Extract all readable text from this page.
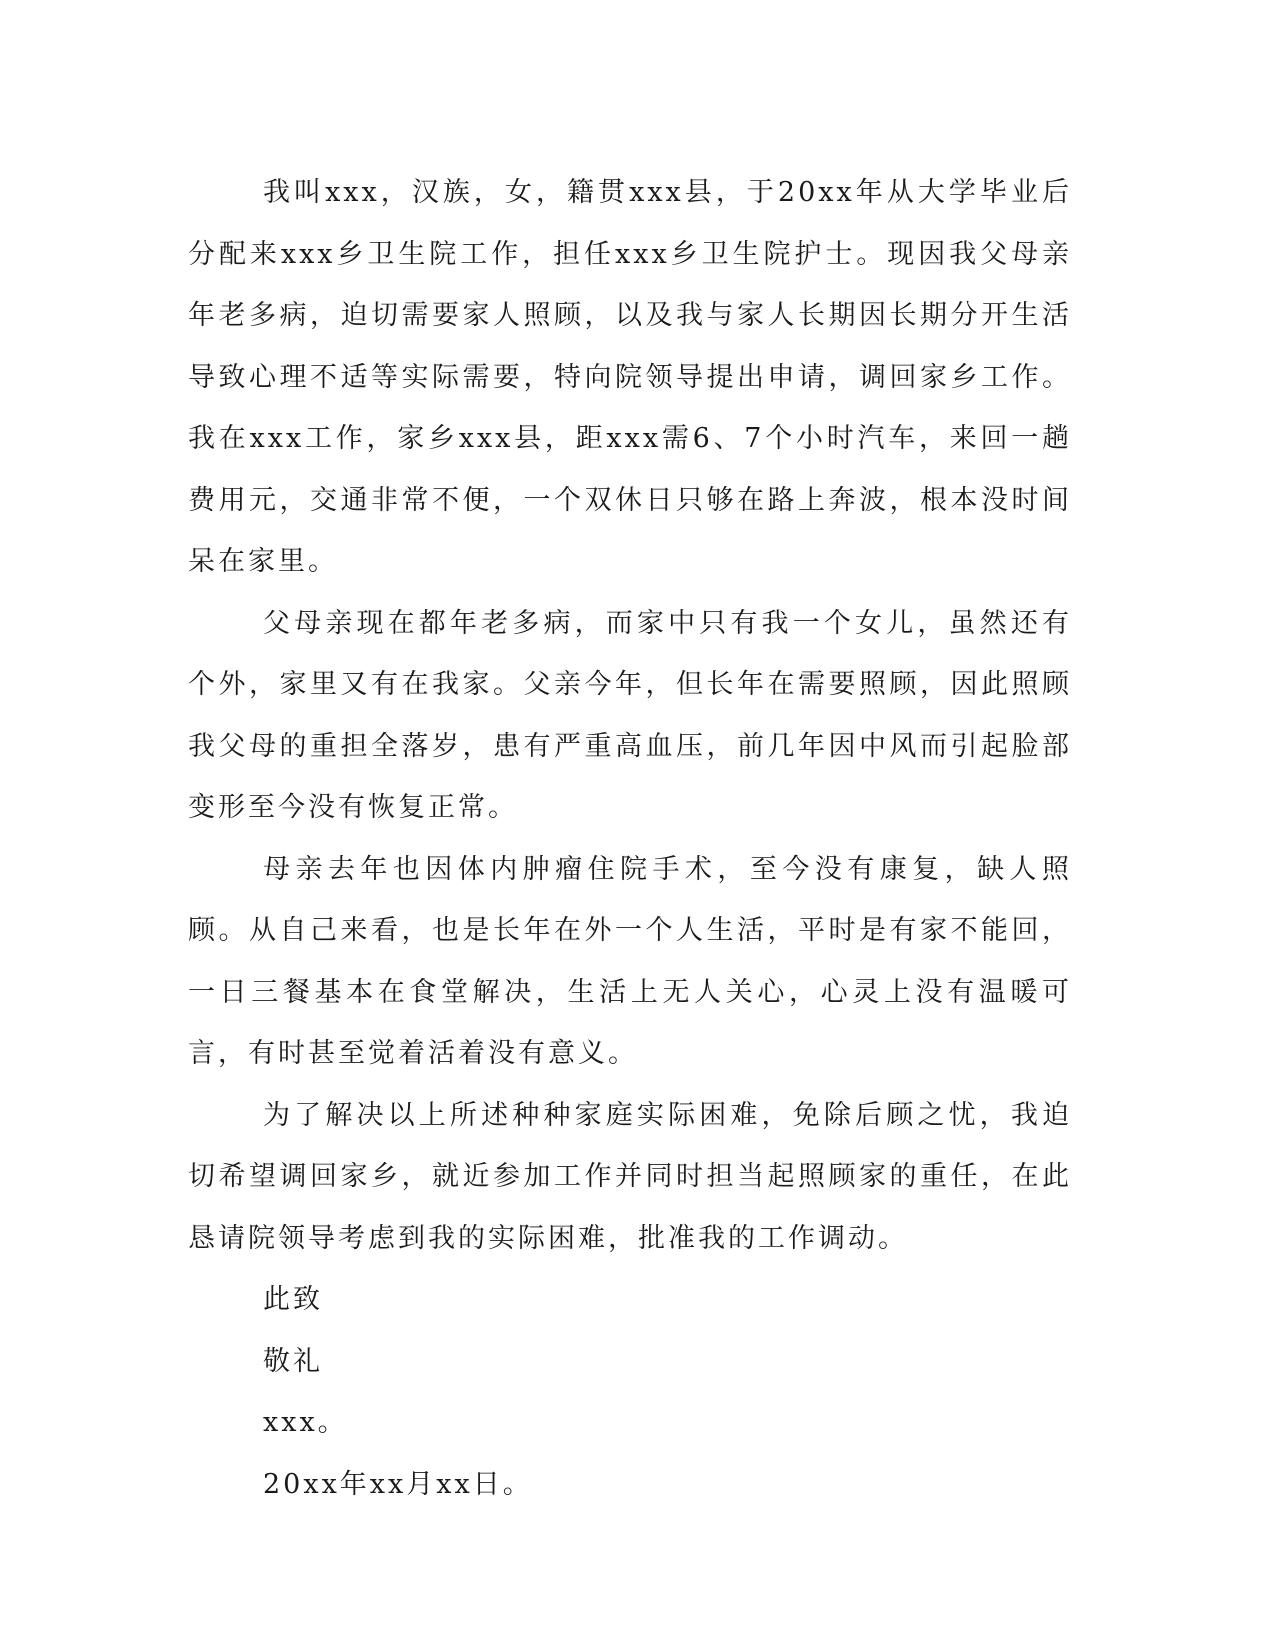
我叫xxx，汉族，女，籍贯xxx县，于20xx年从大学毕业后分配来xxx乡卫生院工作，担任xxx乡卫生院护士。现因我父母亲年老多病，迫切需要家人照顾，以及我与家人长期因长期分开生活导致心理不适等实际需要，特向院领导提出申请，调回家乡工作。我在xxx工作，家乡xxx县，距xxx需6、7个小时汽车，来回一趟费用元，交通非常不便，一个双休日只够在路上奔波，根本没时间呆在家里。

父母亲现在都年老多病，而家中只有我一个女儿，虽然还有个外，家里又有在我家。父亲今年，但长年在需要照顾，因此照顾我父母的重担全落岁，患有严重高血压，前几年因中风而引起脸部变形至今没有恢复正常。

母亲去年也因体内肿瘤住院手术，至今没有康复，缺人照顾。从自己来看，也是长年在外一个人生活，平时是有家不能回，一日三餐基本在食堂解决，生活上无人关心，心灵上没有温暖可言，有时甚至觉着活着没有意义。

为了解决以上所述种种家庭实际困难，免除后顾之忧，我迫切希望调回家乡，就近参加工作并同时担当起照顾家的重任，在此恳请院领导考虑到我的实际困难，批准我的工作调动。

此致

敬礼

xxx。

20xx年xx月xx日。
